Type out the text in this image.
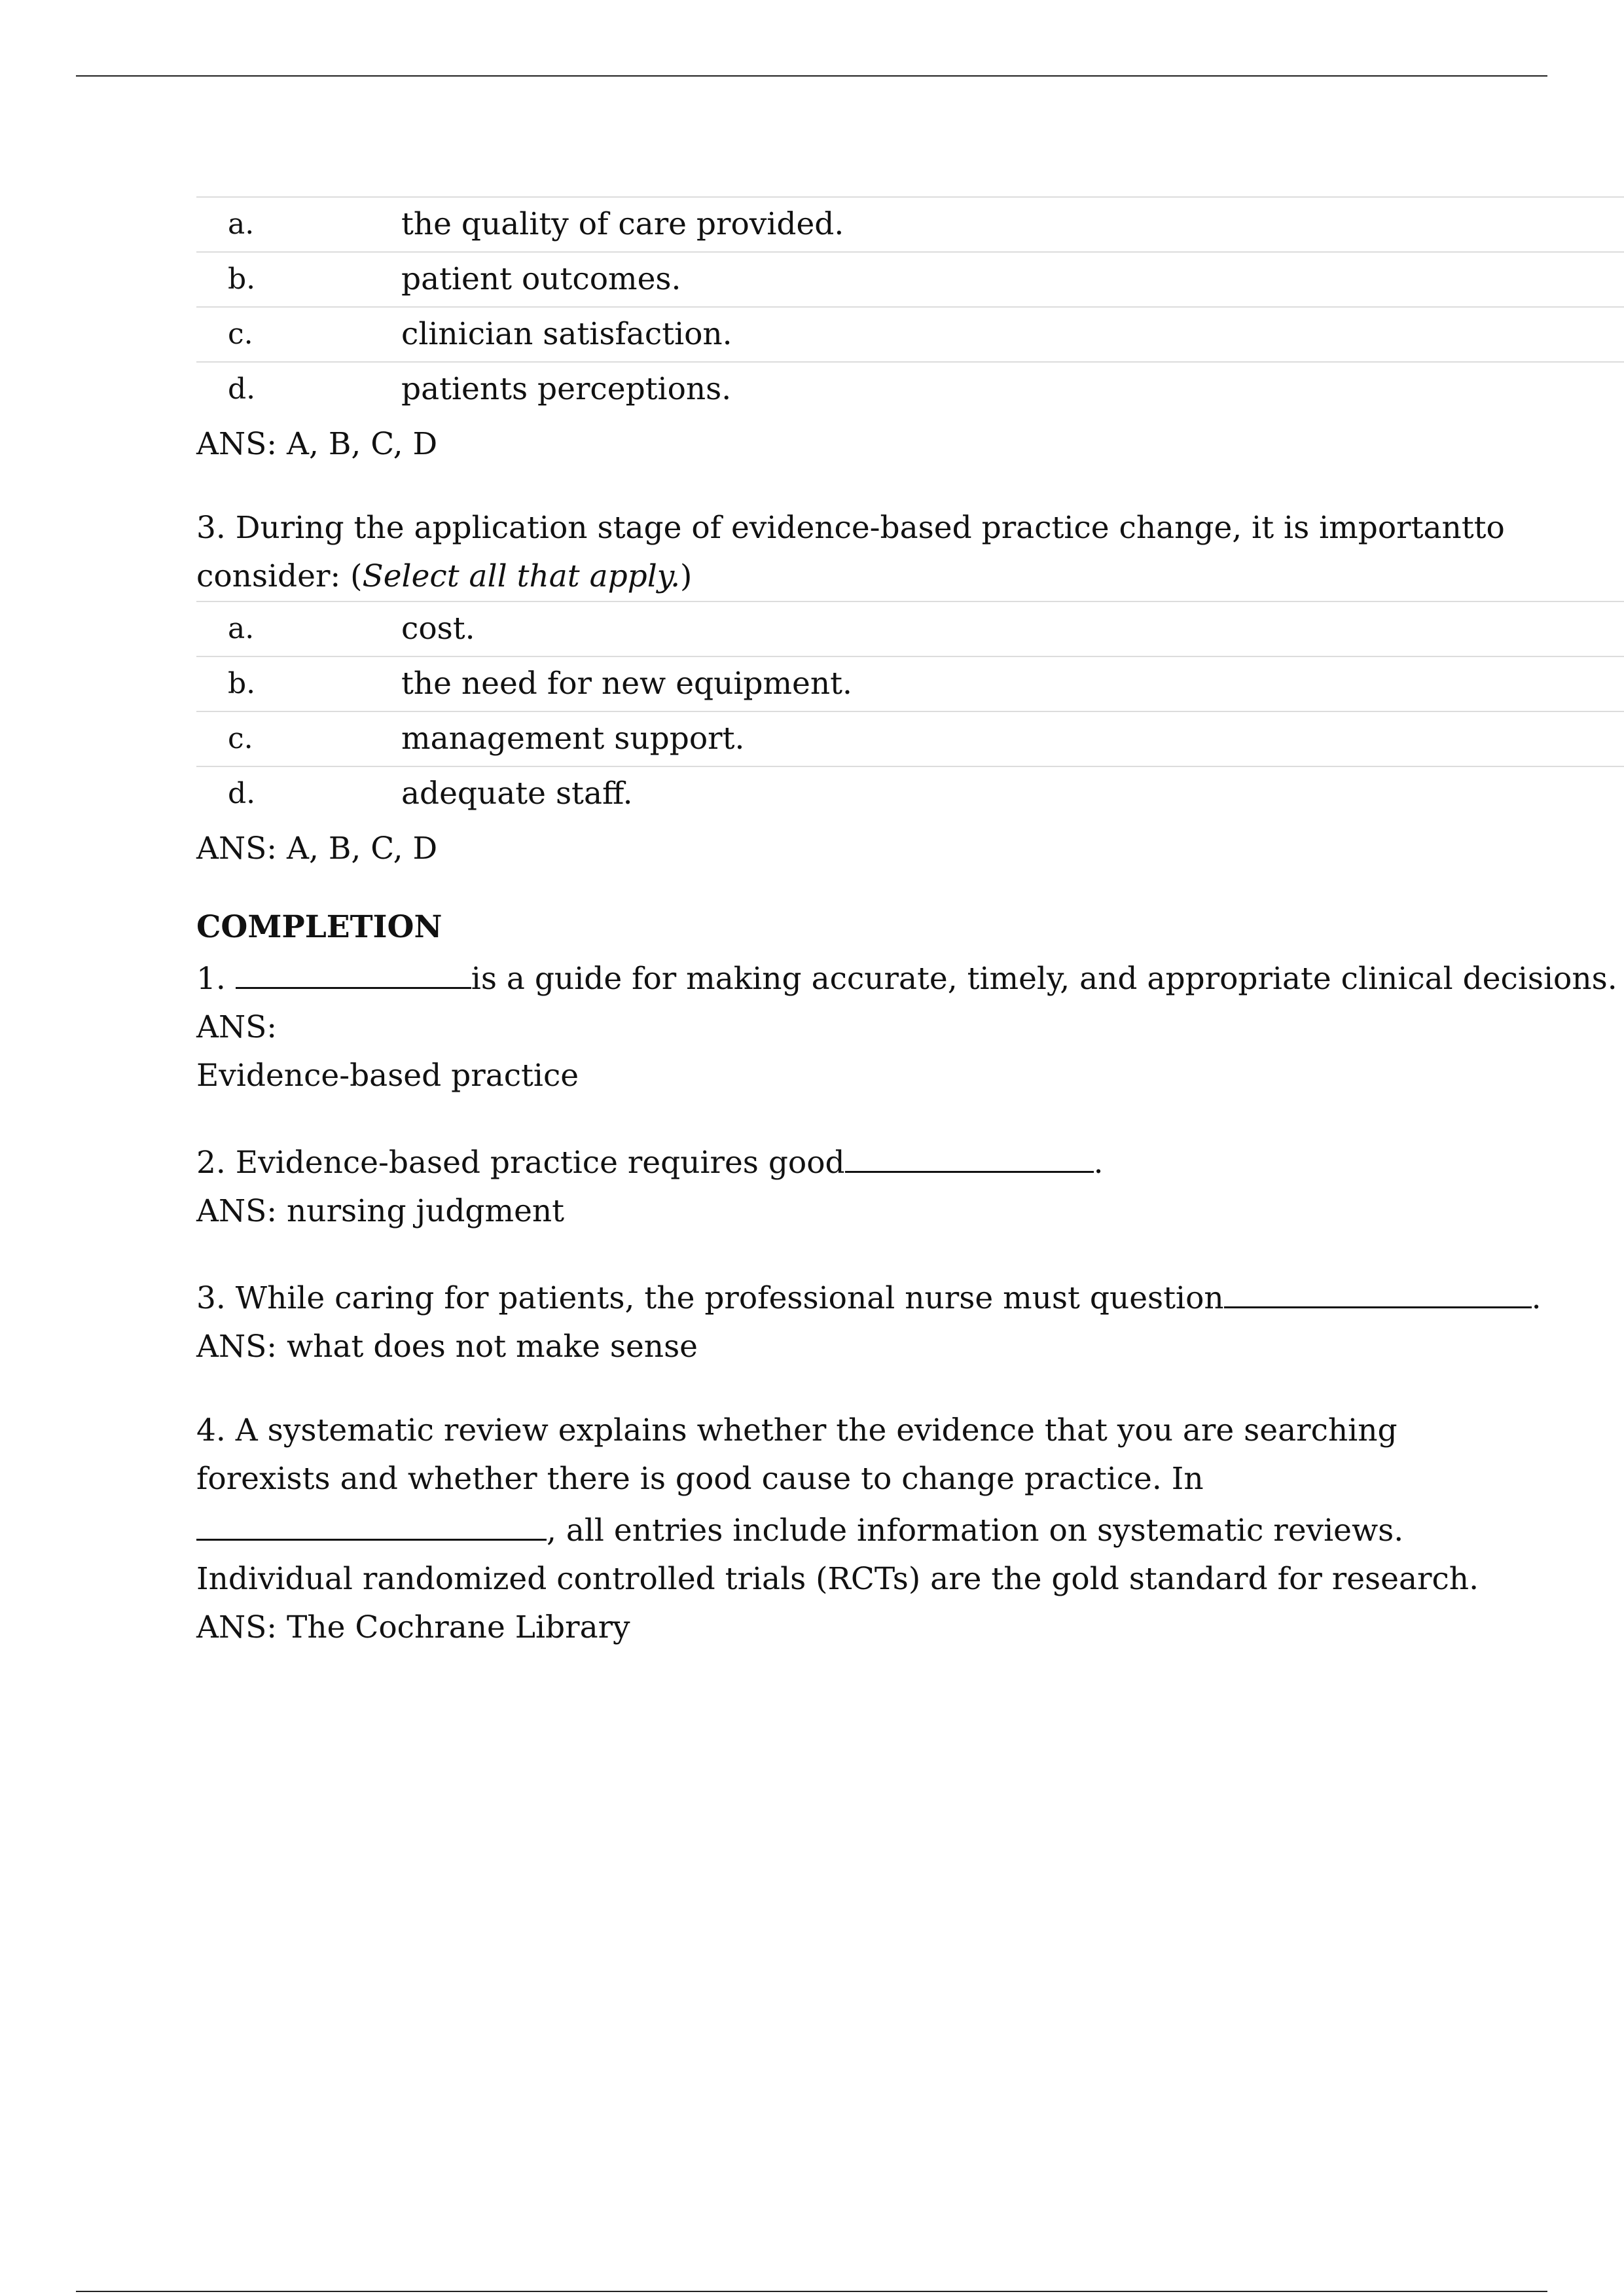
a.	the quality of care provided.
b.	patient outcomes.
c.	clinician satisfaction.
d.	patients perceptions.

ANS: A, B, C, D

3. During the application stage of evidence-based practice change, it is importantto consider: (Select all that apply.)

a.	cost.
b.	the need for new equipment.
c.	management support.
d.	adequate staff.

ANS: A, B, C, D

COMPLETION

1.	is a guide for making accurate, timely, and appropriate clinical decisions.

ANS:

Evidence-based practice

2. Evidence-based practice requires good	.

ANS: nursing judgment

3. While caring for patients, the professional nurse must question	.

ANS: what does not make sense

4. A systematic review explains whether the evidence that you are searching forexists and whether there is good cause to change practice. In, all entries include information on systematic reviews. Individual randomized controlled trials (RCTs) are the gold standard for research.

ANS: The Cochrane Library
